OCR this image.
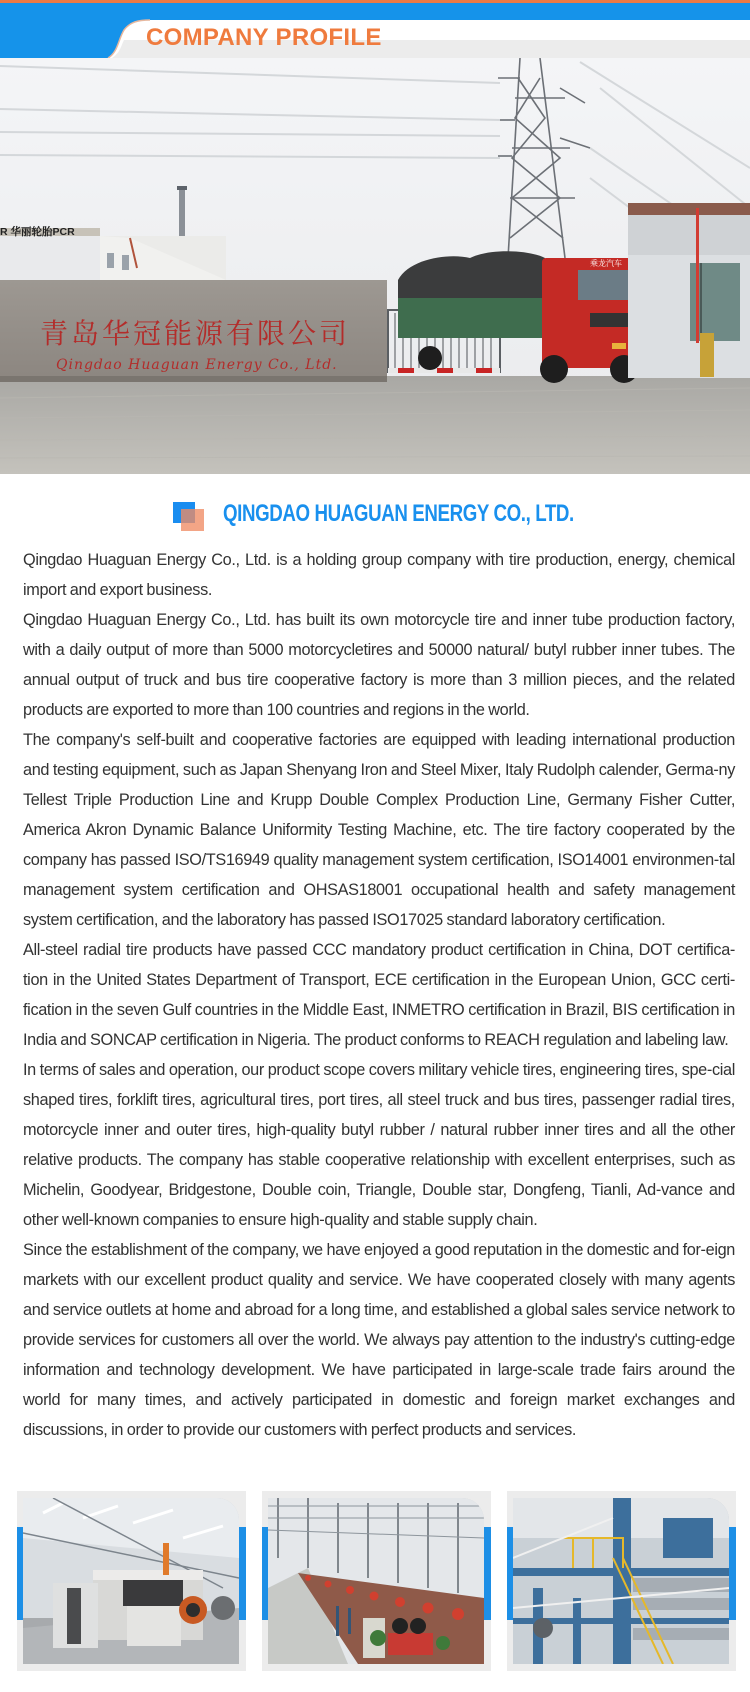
COMPANY PROFILE
R 华丽轮胎PCR
青岛华冠能源有限公司
Qingdao Huaguan Energy Co., Ltd.
乘龙汽车
QINGDAO HUAGUAN ENERGY CO., LTD.

Qingdao Huaguan Energy Co., Ltd. is a holding group company with tire production, energy, chemical import and export business.

Qingdao Huaguan Energy Co., Ltd. has built its own motorcycle tire and inner tube production factory, with a daily output of more than 5000 motorcycletires and 50000 natural/ butyl rubber inner tubes. The annual output of truck and bus tire cooperative factory is more than 3 million pieces, and the related products are exported to more than 100 countries and regions in the world.

The company's self-built and cooperative factories are equipped with leading international production and testing equipment, such as Japan Shenyang Iron and Steel Mixer, Italy Rudolph calender, Germa-ny Tellest Triple Production Line and Krupp Double Complex Production Line, Germany Fisher Cutter, America Akron Dynamic Balance Uniformity Testing Machine, etc. The tire factory cooperated by the company has passed ISO/TS16949 quality management system certification, ISO14001 environmen-tal management system certification and OHSAS18001 occupational health and safety management system certification, and the laboratory has passed ISO17025 standard laboratory certification.

All-steel radial tire products have passed CCC mandatory product certification in China, DOT certifica-tion in the United States Department of Transport, ECE certification in the European Union, GCC certi-fication in the seven Gulf countries in the Middle East, INMETRO certification in Brazil, BIS certification in India and SONCAP certification in Nigeria. The product conforms to REACH regulation and labeling law.

In terms of sales and operation, our product scope covers military vehicle tires, engineering tires, spe-cial shaped tires, forklift tires, agricultural tires, port tires, all steel truck and bus tires, passenger radial tires, motorcycle inner and outer tires, high-quality butyl rubber / natural rubber inner tires and all the other relative products. The company has stable cooperative relationship with excellent enterprises, such as Michelin, Goodyear, Bridgestone, Double coin, Triangle, Double star, Dongfeng, Tianli, Ad-vance and other well-known companies to ensure high-quality and stable supply chain.

Since the establishment of the company, we have enjoyed a good reputation in the domestic and for-eign markets with our excellent product quality and service. We have cooperated closely with many agents and service outlets at home and abroad for a long time, and established a global sales service network to provide services for customers all over the world. We always pay attention to the industry's cutting-edge information and technology development. We have participated in large-scale trade fairs around the world for many times, and actively participated in domestic and foreign market exchanges and discussions, in order to provide our customers with perfect products and services.
